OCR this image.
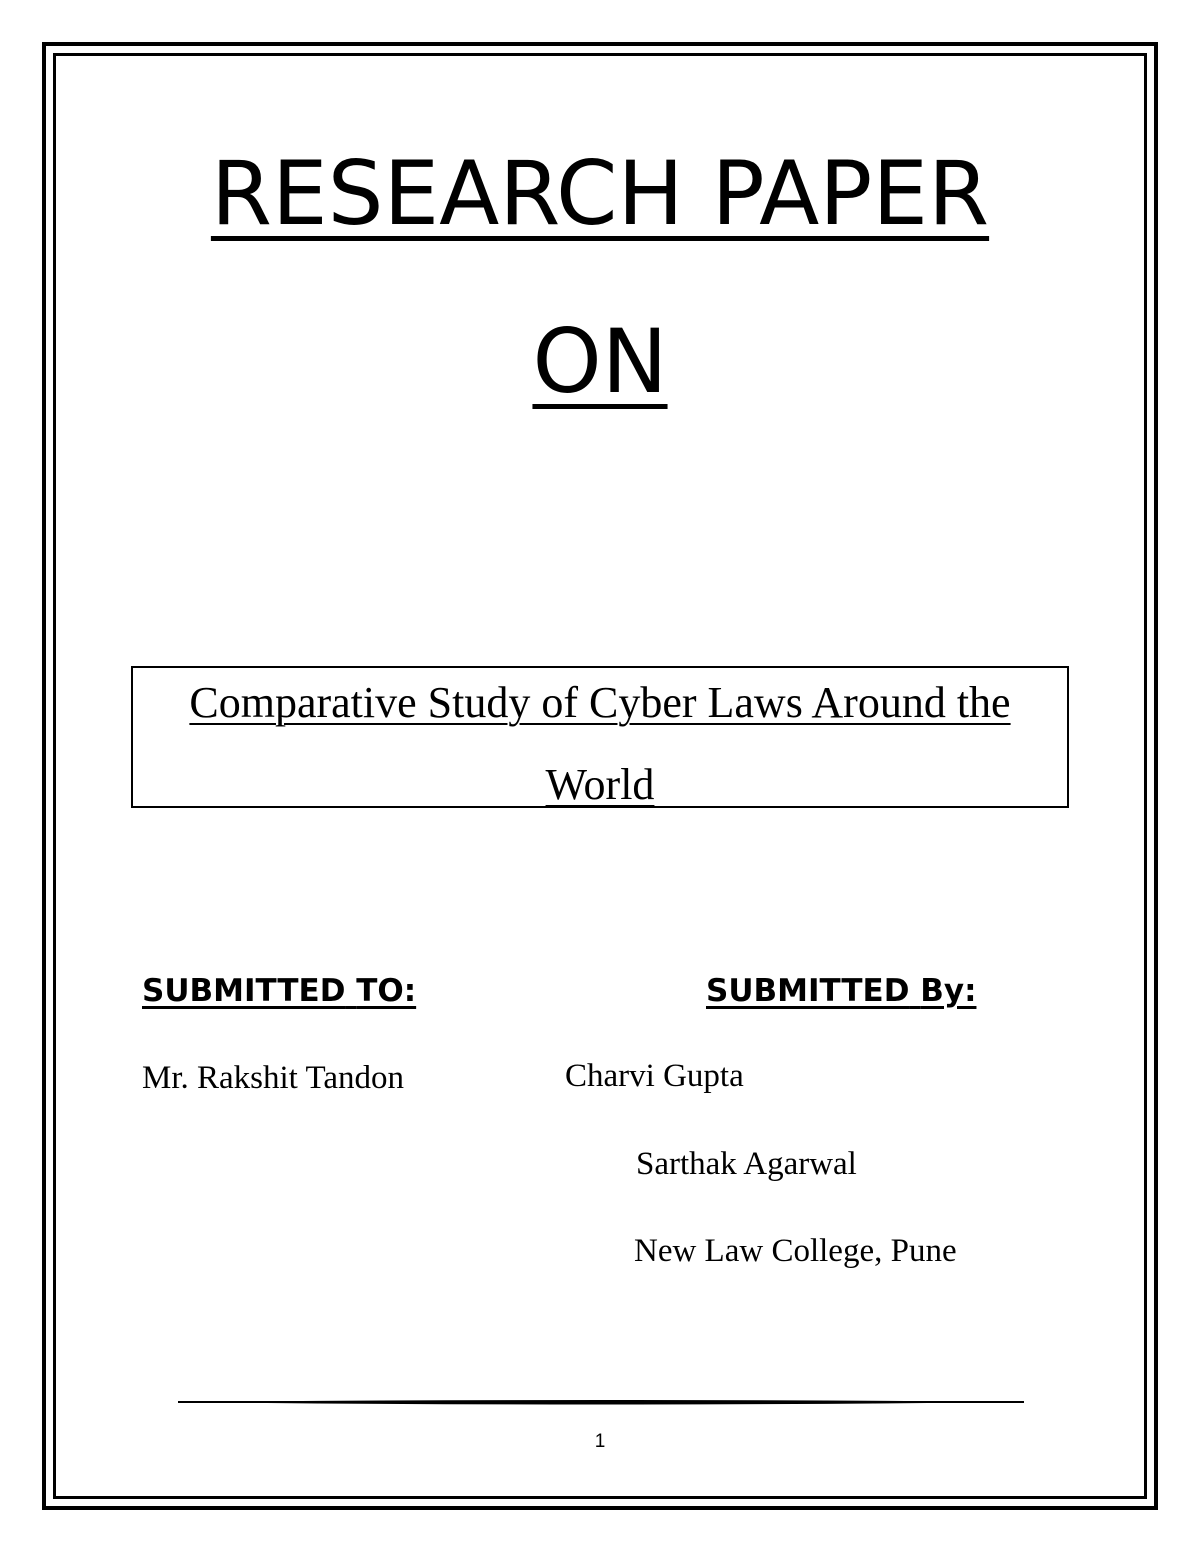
RESEARCH PAPER
ON
Comparative Study of Cyber Laws Around the
World
SUBMITTED TO:	SUBMITTED By:
Mr. Rakshit Tandon	Charvi Gupta
Sarthak Agarwal
New Law College, Pune
1
